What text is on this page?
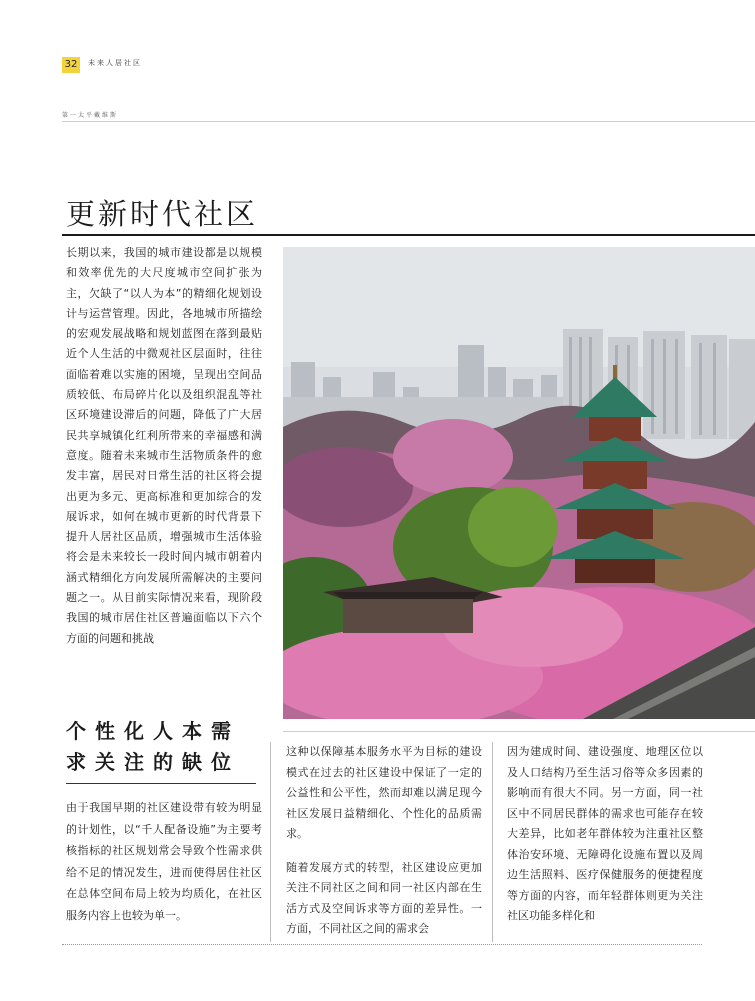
32	未来人居社区
第一太平戴维斯
更新时代社区
长期以来，我国的城市建设都是以规模和效率优先的大尺度城市空间扩张为主，欠缺了“以人为本”的精细化规划设计与运营管理。因此，各地城市所描绘的宏观发展战略和规划蓝图在落到最贴近个人生活的中微观社区层面时，往往面临着难以实施的困境，呈现出空间品质较低、布局碎片化以及组织混乱等社区环境建设滞后的问题，降低了广大居民共享城镇化红利所带来的幸福感和满意度。随着未来城市生活物质条件的愈发丰富，居民对日常生活的社区将会提出更为多元、更高标准和更加综合的发展诉求，如何在城市更新的时代背景下提升人居社区品质，增强城市生活体验将会是未来较长一段时间内城市朝着内涵式精细化方向发展所需解决的主要问题之一。从目前实际情况来看，现阶段我国的城市居住社区普遍面临以下六个方面的问题和挑战
个性化人本需求关注的缺位
由于我国早期的社区建设带有较为明显的计划性，以“千人配备设施”为主要考核指标的社区规划常会导致个性需求供给不足的情况发生，进而使得居住社区在总体空间布局上较为均质化，在社区服务内容上也较为单一。

这种以保障基本服务水平为目标的建设模式在过去的社区建设中保证了一定的公益性和公平性，然而却难以满足现今社区发展日益精细化、个性化的品质需求。

随着发展方式的转型，社区建设应更加关注不同社区之间和同一社区内部在生活方式及空间诉求等方面的差异性。一方面，不同社区之间的需求会

因为建成时间、建设强度、地理区位以及人口结构乃至生活习俗等众多因素的影响而有很大不同。另一方面，同一社区中不同居民群体的需求也可能存在较大差异，比如老年群体较为注重社区整体治安环境、无障碍化设施布置以及周边生活照料、医疗保健服务的便捷程度等方面的内容，而年轻群体则更为关注社区功能多样化和
